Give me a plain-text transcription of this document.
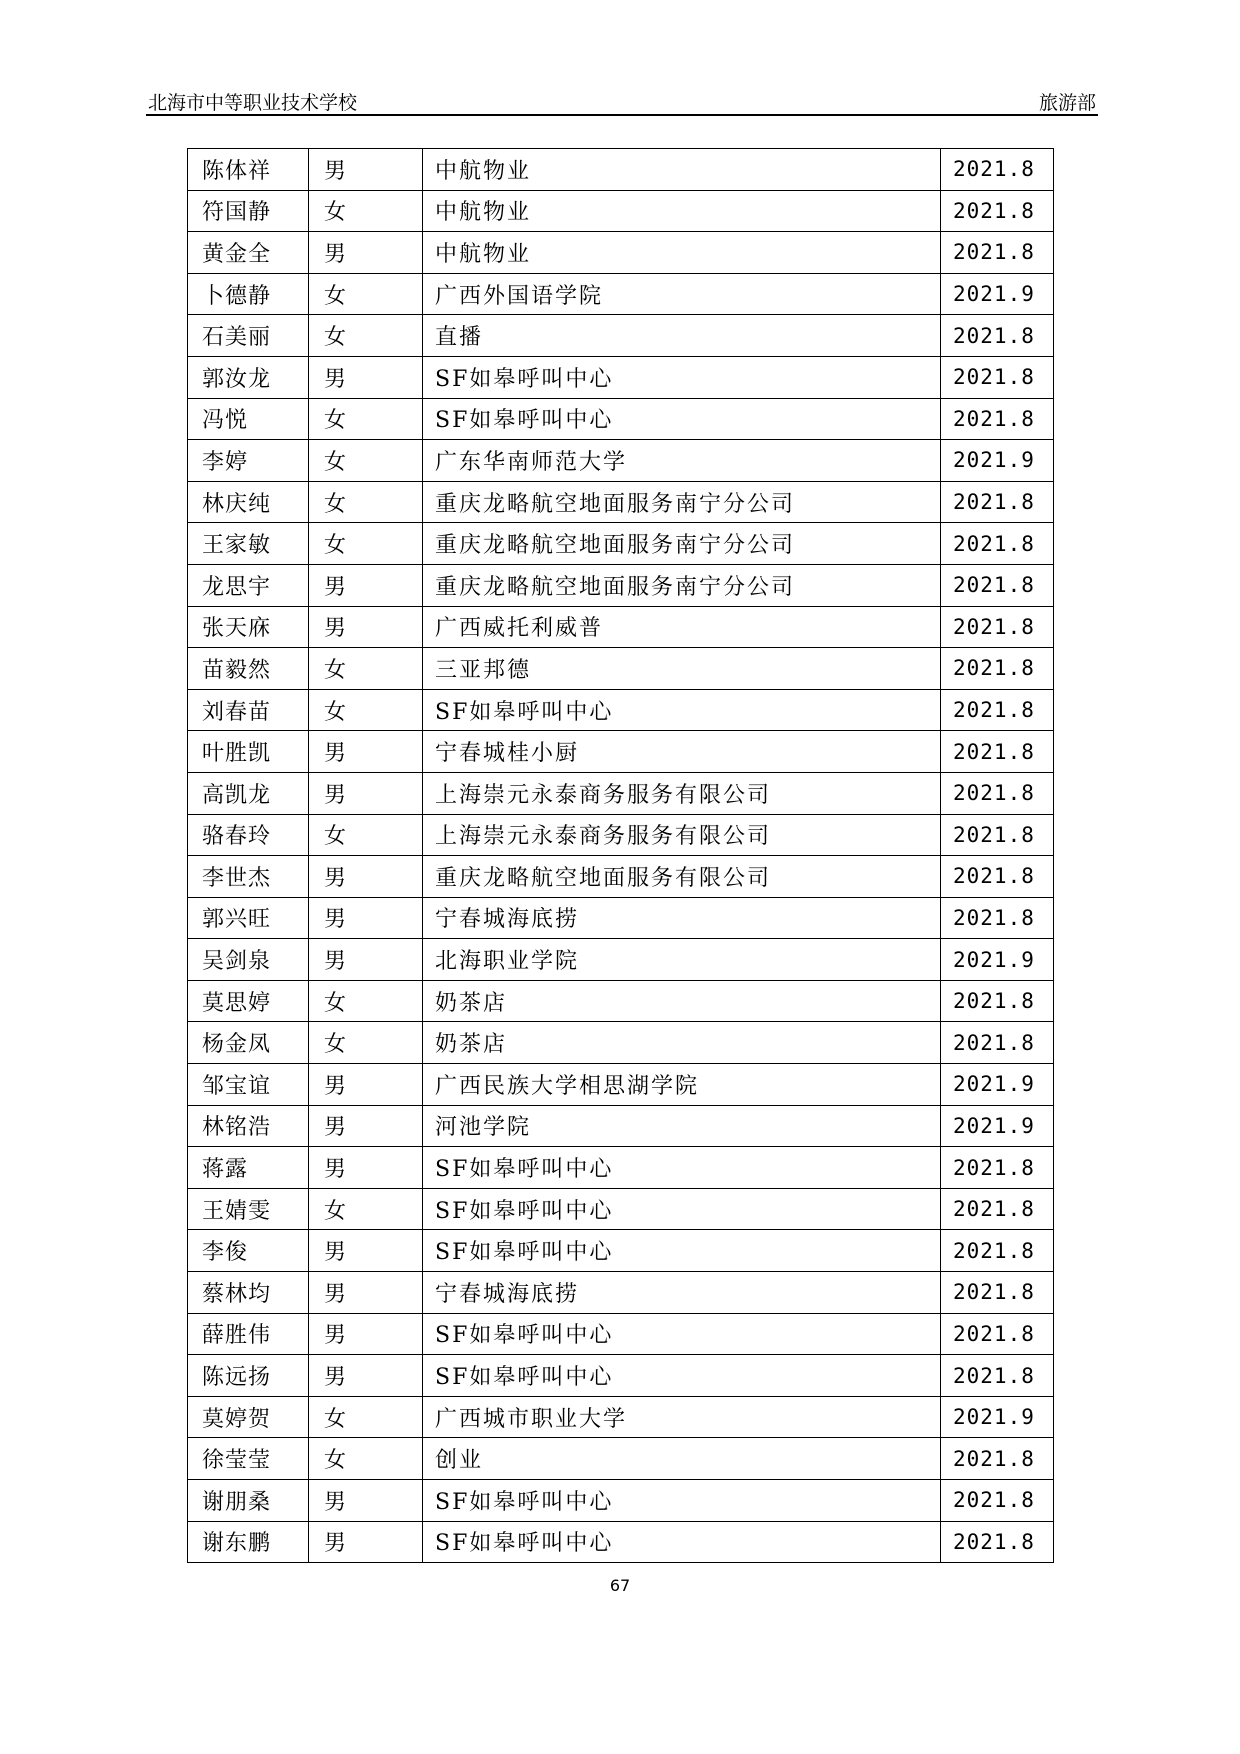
北海市中等职业技术学校	旅游部
陈体祥	男	中航物业	2021.8
符国静	女	中航物业	2021.8
黄金全	男	中航物业	2021.8
卜德静	女	广西外国语学院	2021.9
石美丽	女	直播	2021.8
郭汝龙	男	SF如皋呼叫中心	2021.8
冯悦	女	SF如皋呼叫中心	2021.8
李婷	女	广东华南师范大学	2021.9
林庆纯	女	重庆龙略航空地面服务南宁分公司	2021.8
王家敏	女	重庆龙略航空地面服务南宁分公司	2021.8
龙思宇	男	重庆龙略航空地面服务南宁分公司	2021.8
张天庥	男	广西威托利威普	2021.8
苗毅然	女	三亚邦德	2021.8
刘春苗	女	SF如皋呼叫中心	2021.8
叶胜凯	男	宁春城桂小厨	2021.8
高凯龙	男	上海崇元永泰商务服务有限公司	2021.8
骆春玲	女	上海崇元永泰商务服务有限公司	2021.8
李世杰	男	重庆龙略航空地面服务有限公司	2021.8
郭兴旺	男	宁春城海底捞	2021.8
吴剑泉	男	北海职业学院	2021.9
莫思婷	女	奶茶店	2021.8
杨金凤	女	奶茶店	2021.8
邹宝谊	男	广西民族大学相思湖学院	2021.9
林铭浩	男	河池学院	2021.9
蒋露	男	SF如皋呼叫中心	2021.8
王婧雯	女	SF如皋呼叫中心	2021.8
李俊	男	SF如皋呼叫中心	2021.8
蔡林均	男	宁春城海底捞	2021.8
薛胜伟	男	SF如皋呼叫中心	2021.8
陈远扬	男	SF如皋呼叫中心	2021.8
莫婷贺	女	广西城市职业大学	2021.9
徐莹莹	女	创业	2021.8
谢朋桑	男	SF如皋呼叫中心	2021.8
谢东鹏	男	SF如皋呼叫中心	2021.8
67
